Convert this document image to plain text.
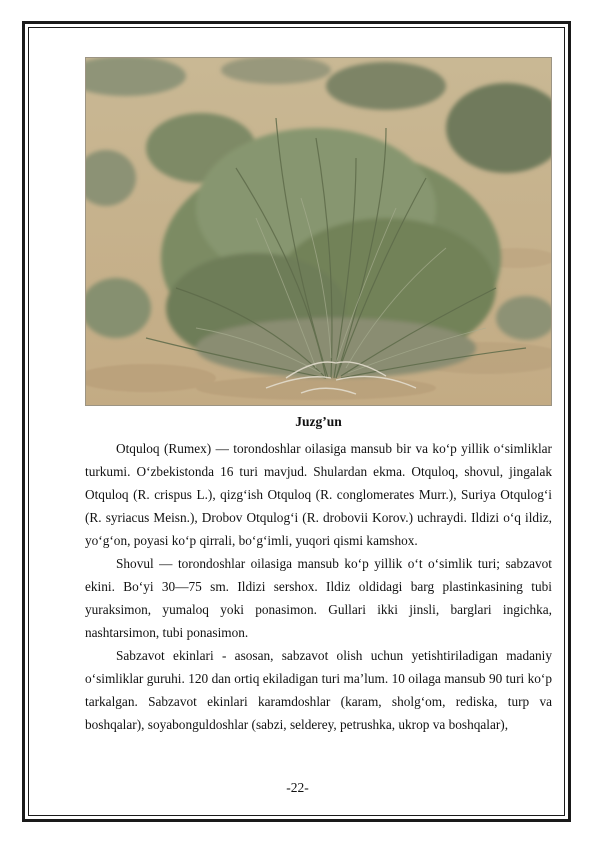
Juzg’un

Otquloq (Rumex) — torondoshlar oilasiga mansub bir va ko‘p yillik o‘simliklar turkumi. O‘zbekistonda 16 turi mavjud. Shulardan ekma. Otquloq, shovul, jingalak Otquloq (R. crispus L.), qizg‘ish Otquloq (R. conglomerates Murr.), Suriya Otqulog‘i (R. syriacus Meisn.), Drobov Otqulog‘i (R. drobovii Korov.) uchraydi. Ildizi o‘q ildiz, yo‘g‘on, poyasi ko‘p qirrali, bo‘g‘imli, yuqori qismi kamshox.

Shovul — torondoshlar oilasiga mansub ko‘p yillik o‘t o‘simlik turi; sabzavot ekini. Bo‘yi 30—75 sm. Ildizi sershox. Ildiz oldidagi barg plastinkasining tubi yuraksimon, yumaloq yoki ponasimon. Gullari ikki jinsli, barglari ingichka, nashtarsimon, tubi ponasimon.

Sabzavot ekinlari - asosan, sabzavot olish uchun yetishtiriladigan madaniy o‘simliklar guruhi. 120 dan ortiq ekiladigan turi ma’lum. 10 oilaga mansub 90 turi ko‘p tarkalgan. Sabzavot ekinlari karamdoshlar (karam, sholg‘om, rediska, turp va boshqalar), soyabonguldoshlar (sabzi, selderey, petrushka, ukrop va boshqalar),

-22-
